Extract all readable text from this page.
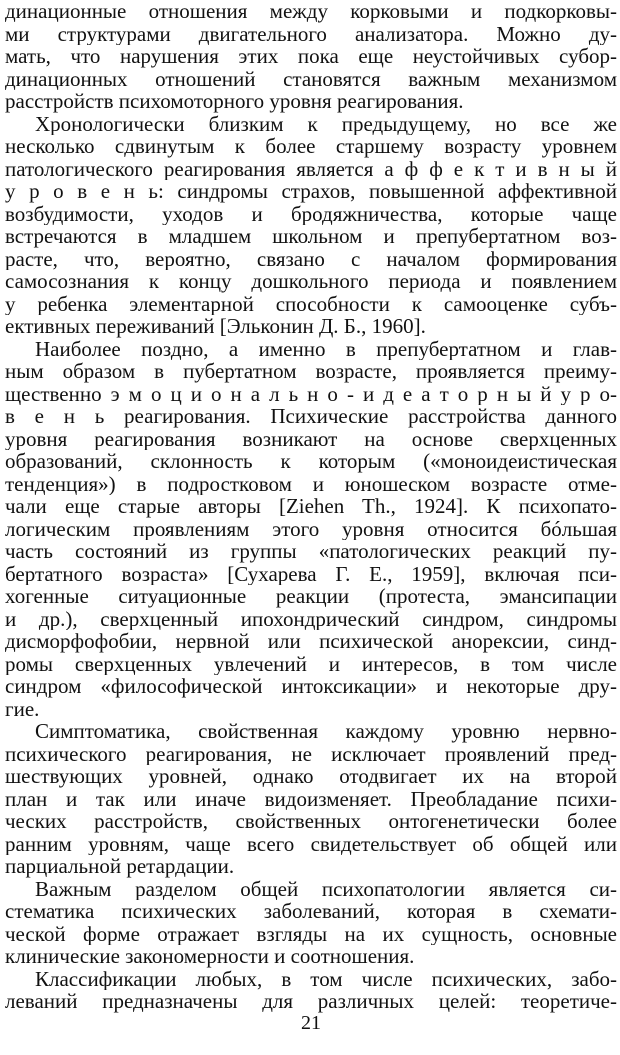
динационные отношения между корковыми и подкорковы-
ми структурами двигательного анализатора. Можно ду-
мать, что нарушения этих пока еще неустойчивых субор-
динационных отношений становятся важным механизмом
расстройств психомоторного уровня реагирования.
Хронологически близким к предыдущему, но все же
несколько сдвинутым к более старшему возрасту уровнем
патологического реагирования является а ф ф е к т и в н ы й
у р о в е н ь: синдромы страхов, повышенной аффективной
возбудимости, уходов и бродяжничества, которые чаще
встречаются в младшем школьном и препубертатном воз-
расте, что, вероятно, связано с началом формирования
самосознания к концу дошкольного периода и появлением
у ребенка элементарной способности к самооценке субъ-
ективных переживаний [Эльконин Д. Б., 1960].
Наиболее поздно, а именно в препубертатном и глав-
ным образом в пубертатном возрасте, проявляется преиму-
щественно э м о ц и о н а л ь н о - и д е а т о р н ы й у р о-
в е н ь реагирования. Психические расстройства данного
уровня реагирования возникают на основе сверхценных
образований, склонность к которым («моноидеистическая
тенденция») в подростковом и юношеском возрасте отме-
чали еще старые авторы [Ziehen Th., 1924]. К психопато-
логическим проявлениям этого уровня относится бóльшая
часть состояний из группы «патологических реакций пу-
бертатного возраста» [Сухарева Г. Е., 1959], включая пси-
хогенные ситуационные реакции (протеста, эмансипации
и др.), сверхценный ипохондрический синдром, синдромы
дисморфофобии, нервной или психической анорексии, синд-
ромы сверхценных увлечений и интересов, в том числе
синдром «философической интоксикации» и некоторые дру-
гие.
Симптоматика, свойственная каждому уровню нервно-
психического реагирования, не исключает проявлений пред-
шествующих уровней, однако отодвигает их на второй
план и так или иначе видоизменяет. Преобладание психи-
ческих расстройств, свойственных онтогенетически более
ранним уровням, чаще всего свидетельствует об общей или
парциальной ретардации.
Важным разделом общей психопатологии является си-
стематика психических заболеваний, которая в схемати-
ческой форме отражает взгляды на их сущность, основные
клинические закономерности и соотношения.
Классификации любых, в том числе психических, забо-
леваний предназначены для различных целей: теоретиче-
21
